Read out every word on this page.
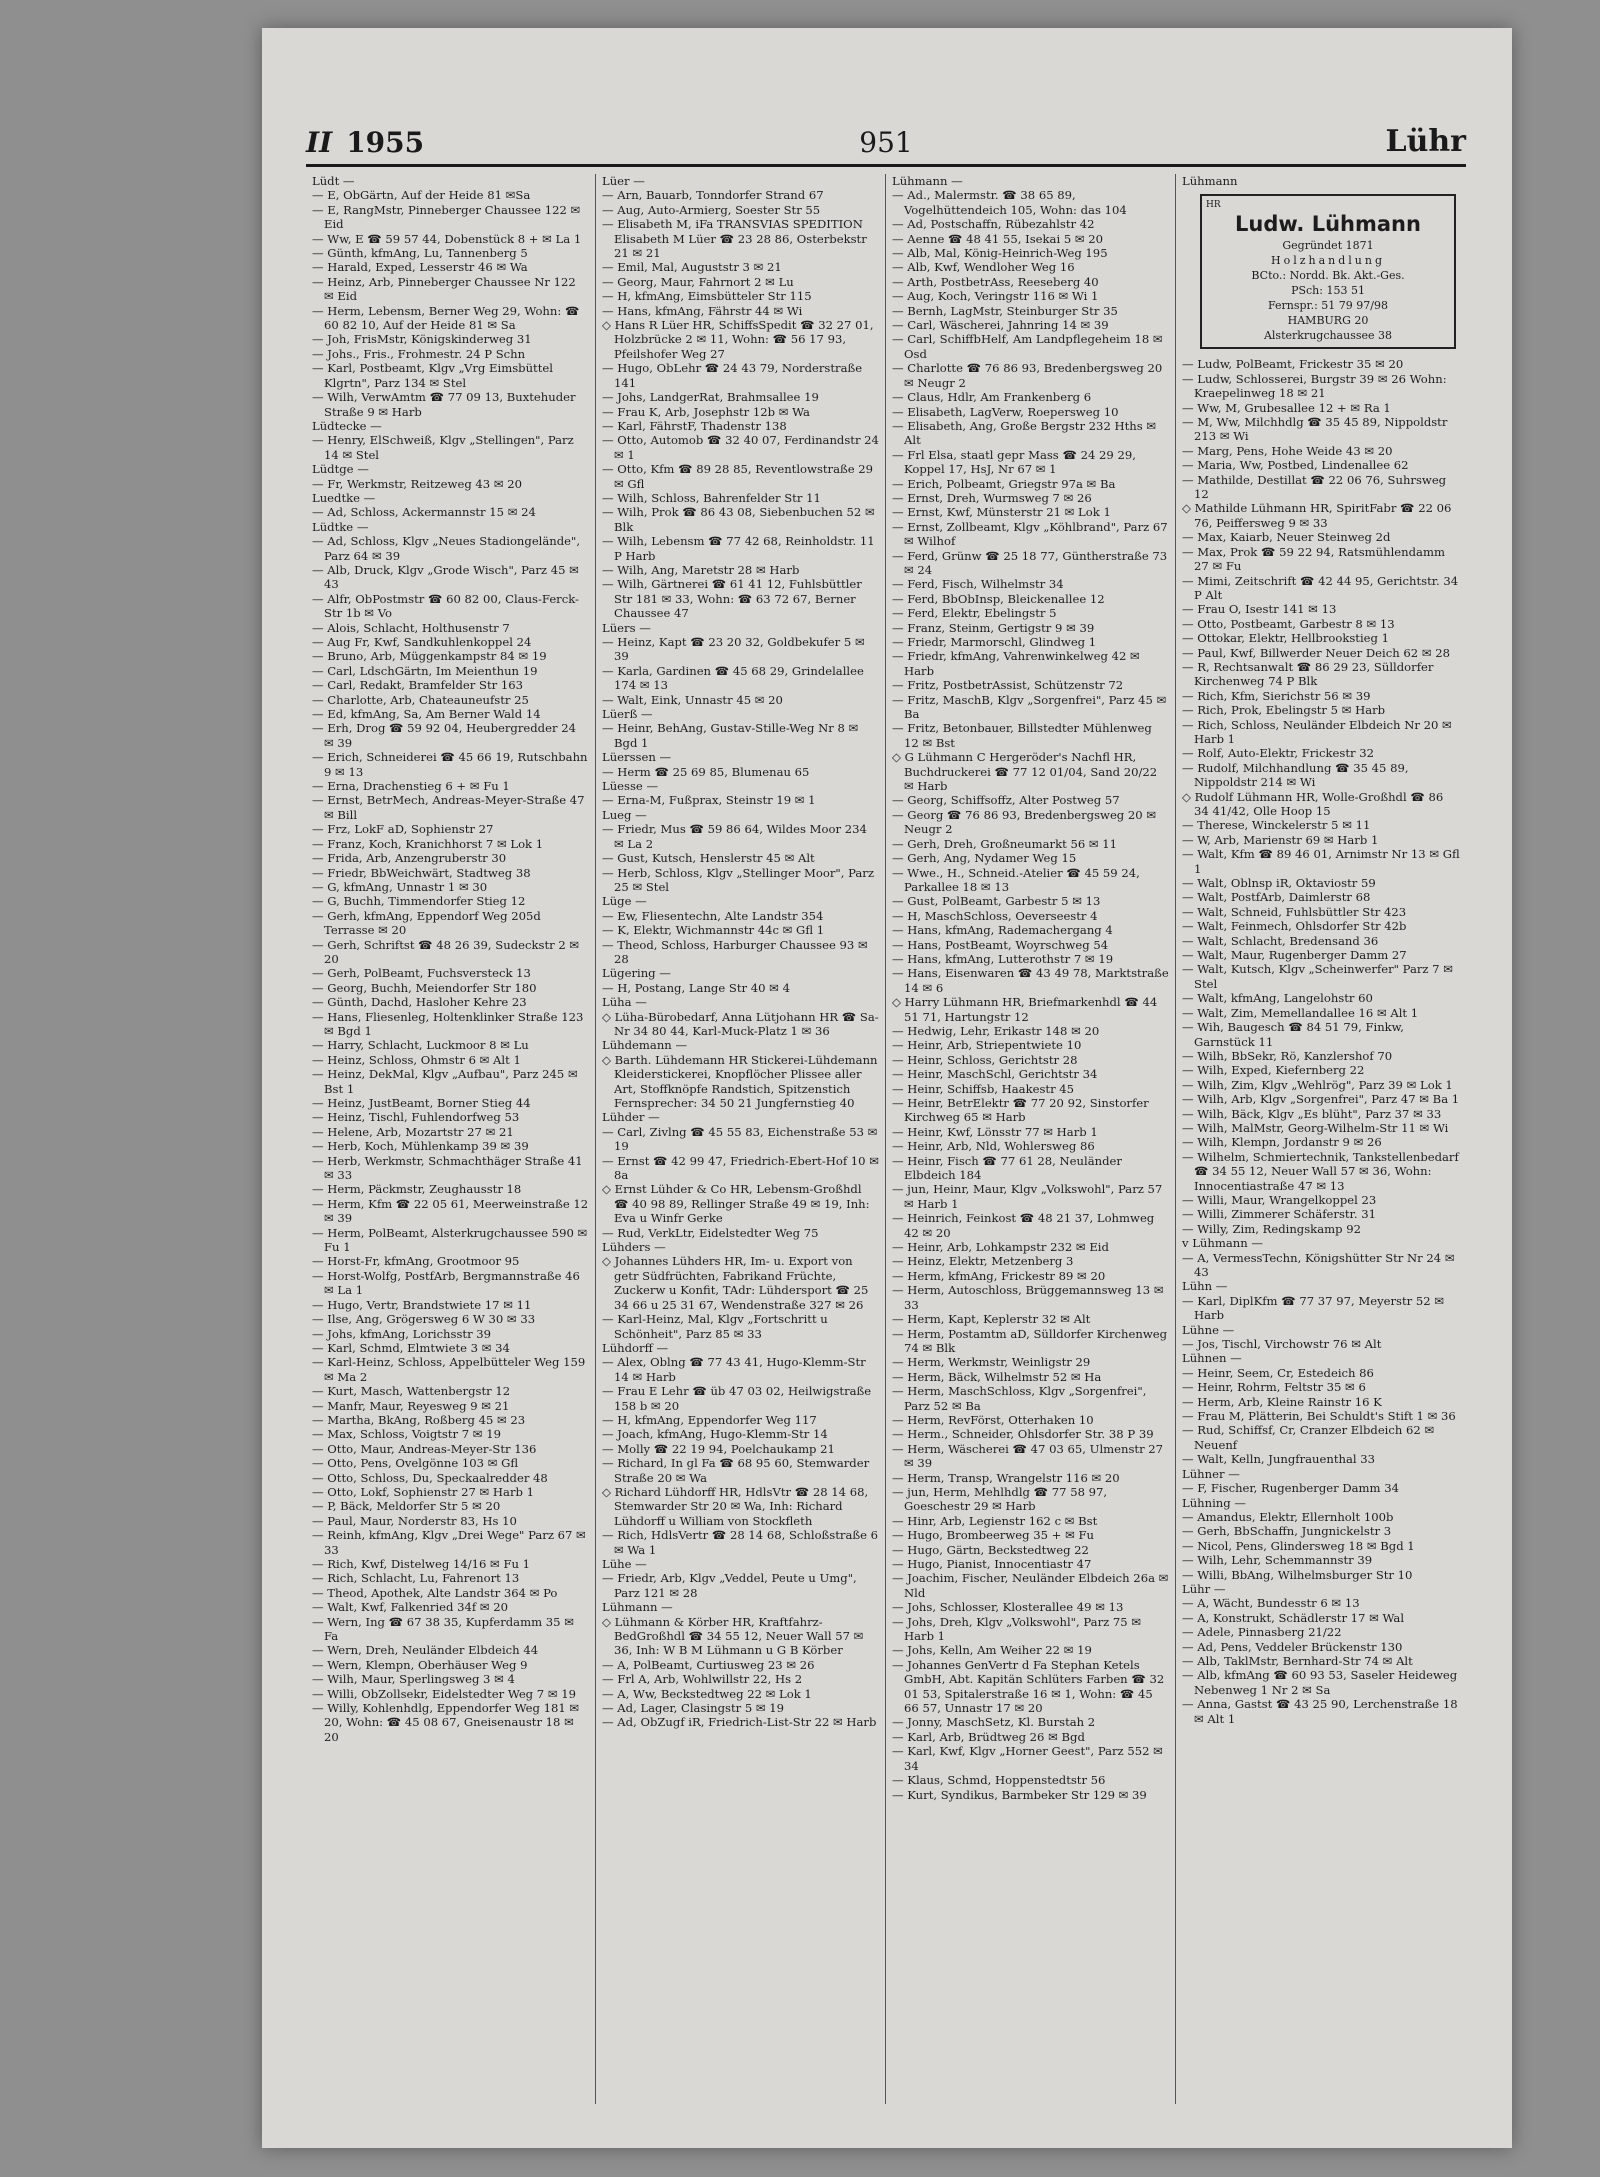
II 1955	951	Lühr
Lüdt —
— E, ObGärtn, Auf der Heide 81 ✉Sa
— E, RangMstr, Pinneberger Chaussee 122 ✉ Eid
— Ww, E ☎ 59 57 44, Dobenstück 8 + ✉ La 1
— Günth, kfmAng, Lu, Tannenberg 5
— Harald, Exped, Lesserstr 46 ✉ Wa
— Heinz, Arb, Pinneberger Chaussee Nr 122 ✉ Eid
— Herm, Lebensm, Berner Weg 29, Wohn: ☎ 60 82 10, Auf der Heide 81 ✉ Sa
— Joh, FrisMstr, Königskinderweg 31
— Johs., Fris., Frohmestr. 24 P Schn
— Karl, Postbeamt, Klgv „Vrg Eimsbüttel Klgrtn", Parz 134 ✉ Stel
— Wilh, VerwAmtm ☎ 77 09 13, Buxtehuder Straße 9 ✉ Harb
Lüdtecke —
— Henry, ElSchweiß, Klgv „Stellingen", Parz 14 ✉ Stel
Lüdtge —
— Fr, Werkmstr, Reitzeweg 43 ✉ 20
Luedtke —
— Ad, Schloss, Ackermannstr 15 ✉ 24
Lüdtke —
— Ad, Schloss, Klgv „Neues Stadiongelände", Parz 64 ✉ 39
— Alb, Druck, Klgv „Grode Wisch", Parz 45 ✉ 43
— Alfr, ObPostmstr ☎ 60 82 00, Claus-Ferck-Str 1b ✉ Vo
— Alois, Schlacht, Holthusenstr 7
— Aug Fr, Kwf, Sandkuhlenkoppel 24
— Bruno, Arb, Müggenkampstr 84 ✉ 19
— Carl, LdschGärtn, Im Meienthun 19
— Carl, Redakt, Bramfelder Str 163
— Charlotte, Arb, Chateauneufstr 25
— Ed, kfmAng, Sa, Am Berner Wald 14
— Erh, Drog ☎ 59 92 04, Heubergredder 24 ✉ 39
— Erich, Schneiderei ☎ 45 66 19, Rutschbahn 9 ✉ 13
— Erna, Drachenstieg 6 + ✉ Fu 1
— Ernst, BetrMech, Andreas-Meyer-Straße 47 ✉ Bill
— Frz, LokF aD, Sophienstr 27
— Franz, Koch, Kranichhorst 7 ✉ Lok 1
— Frida, Arb, Anzengruberstr 30
— Friedr, BbWeichwärt, Stadtweg 38
— G, kfmAng, Unnastr 1 ✉ 30
— G, Buchh, Timmendorfer Stieg 12
— Gerh, kfmAng, Eppendorf Weg 205d Terrasse ✉ 20
— Gerh, Schriftst ☎ 48 26 39, Sudeckstr 2 ✉ 20
— Gerh, PolBeamt, Fuchsversteck 13
— Georg, Buchh, Meiendorfer Str 180
— Günth, Dachd, Hasloher Kehre 23
— Hans, Fliesenleg, Holtenklinker Straße 123 ✉ Bgd 1
— Harry, Schlacht, Luckmoor 8 ✉ Lu
— Heinz, Schloss, Ohmstr 6 ✉ Alt 1
— Heinz, DekMal, Klgv „Aufbau", Parz 245 ✉ Bst 1
— Heinz, JustBeamt, Borner Stieg 44
— Heinz, Tischl, Fuhlendorfweg 53
— Helene, Arb, Mozartstr 27 ✉ 21
— Herb, Koch, Mühlenkamp 39 ✉ 39
— Herb, Werkmstr, Schmachthäger Straße 41 ✉ 33
— Herm, Päckmstr, Zeughausstr 18
— Herm, Kfm ☎ 22 05 61, Meerweinstraße 12 ✉ 39
— Herm, PolBeamt, Alsterkrugchaussee 590 ✉ Fu 1
— Horst-Fr, kfmAng, Grootmoor 95
— Horst-Wolfg, PostfArb, Bergmannstraße 46 ✉ La 1
— Hugo, Vertr, Brandstwiete 17 ✉ 11
— Ilse, Ang, Grögersweg 6 W 30 ✉ 33
— Johs, kfmAng, Lorichsstr 39
— Karl, Schmd, Elmtwiete 3 ✉ 34
— Karl-Heinz, Schloss, Appelbütteler Weg 159 ✉ Ma 2
— Kurt, Masch, Wattenbergstr 12
— Manfr, Maur, Reyesweg 9 ✉ 21
— Martha, BkAng, Roßberg 45 ✉ 23
— Max, Schloss, Voigtstr 7 ✉ 19
— Otto, Maur, Andreas-Meyer-Str 136
— Otto, Pens, Ovelgönne 103 ✉ Gfl
— Otto, Schloss, Du, Speckaalredder 48
— Otto, Lokf, Sophienstr 27 ✉ Harb 1
— P, Bäck, Meldorfer Str 5 ✉ 20
— Paul, Maur, Norderstr 83, Hs 10
— Reinh, kfmAng, Klgv „Drei Wege" Parz 67 ✉ 33
— Rich, Kwf, Distelweg 14/16 ✉ Fu 1
— Rich, Schlacht, Lu, Fahrenort 13
— Theod, Apothek, Alte Landstr 364 ✉ Po
— Walt, Kwf, Falkenried 34f ✉ 20
— Wern, Ing ☎ 67 38 35, Kupferdamm 35 ✉ Fa
— Wern, Dreh, Neuländer Elbdeich 44
— Wern, Klempn, Oberhäuser Weg 9
— Wilh, Maur, Sperlingsweg 3 ✉ 4
— Willi, ObZollsekr, Eidelstedter Weg 7 ✉ 19
— Willy, Kohlenhdlg, Eppendorfer Weg 181 ✉ 20, Wohn: ☎ 45 08 67, Gneisenaustr 18 ✉ 20
Lüer —
— Arn, Bauarb, Tonndorfer Strand 67
— Aug, Auto-Armierg, Soester Str 55
— Elisabeth M, iFa TRANSVIAS SPEDITION Elisabeth M Lüer ☎ 23 28 86, Osterbekstr 21 ✉ 21
— Emil, Mal, Auguststr 3 ✉ 21
— Georg, Maur, Fahrnort 2 ✉ Lu
— H, kfmAng, Eimsbütteler Str 115
— Hans, kfmAng, Fährstr 44 ✉ Wi
◇ Hans R Lüer HR, SchiffsSpedit ☎ 32 27 01, Holzbrücke 2 ✉ 11, Wohn: ☎ 56 17 93, Pfeilshofer Weg 27
— Hugo, ObLehr ☎ 24 43 79, Norderstraße 141
— Johs, LandgerRat, Brahmsallee 19
— Frau K, Arb, Josephstr 12b ✉ Wa
— Karl, FährstF, Thadenstr 138
— Otto, Automob ☎ 32 40 07, Ferdinandstr 24 ✉ 1
— Otto, Kfm ☎ 89 28 85, Reventlowstraße 29 ✉ Gfl
— Wilh, Schloss, Bahrenfelder Str 11
— Wilh, Prok ☎ 86 43 08, Siebenbuchen 52 ✉ Blk
— Wilh, Lebensm ☎ 77 42 68, Reinholdstr. 11 P Harb
— Wilh, Ang, Maretstr 28 ✉ Harb
— Wilh, Gärtnerei ☎ 61 41 12, Fuhlsbüttler Str 181 ✉ 33, Wohn: ☎ 63 72 67, Berner Chaussee 47
Lüers —
— Heinz, Kapt ☎ 23 20 32, Goldbekufer 5 ✉ 39
— Karla, Gardinen ☎ 45 68 29, Grindelallee 174 ✉ 13
— Walt, Eink, Unnastr 45 ✉ 20
Lüerß —
— Heinr, BehAng, Gustav-Stille-Weg Nr 8 ✉ Bgd 1
Lüerssen —
— Herm ☎ 25 69 85, Blumenau 65
Lüesse —
— Erna-M, Fußprax, Steinstr 19 ✉ 1
Lueg —
— Friedr, Mus ☎ 59 86 64, Wildes Moor 234 ✉ La 2
— Gust, Kutsch, Henslerstr 45 ✉ Alt
— Herb, Schloss, Klgv „Stellinger Moor", Parz 25 ✉ Stel
Lüge —
— Ew, Fliesentechn, Alte Landstr 354
— K, Elektr, Wichmannstr 44c ✉ Gfl 1
— Theod, Schloss, Harburger Chaussee 93 ✉ 28
Lügering —
— H, Postang, Lange Str 40 ✉ 4
Lüha —
◇ Lüha-Bürobedarf, Anna Lütjohann HR ☎ Sa-Nr 34 80 44, Karl-Muck-Platz 1 ✉ 36
Lühdemann —
◇ Barth. Lühdemann HR Stickerei-Lühdemann Kleiderstickerei, Knopflöcher Plissee aller Art, Stoffknöpfe Randstich, Spitzenstich Fernsprecher: 34 50 21 Jungfernstieg 40
Lühder —
— Carl, Zivlng ☎ 45 55 83, Eichenstraße 53 ✉ 19
— Ernst ☎ 42 99 47, Friedrich-Ebert-Hof 10 ✉ 8a
◇ Ernst Lühder & Co HR, Lebensm-Großhdl ☎ 40 98 89, Rellinger Straße 49 ✉ 19, Inh: Eva u Winfr Gerke
— Rud, VerkLtr, Eidelstedter Weg 75
Lühders —
◇ Johannes Lühders HR, Im- u. Export von getr Südfrüchten, Fabrikand Früchte, Zuckerw u Konfit, TAdr: Lühdersport ☎ 25 34 66 u 25 31 67, Wendenstraße 327 ✉ 26
— Karl-Heinz, Mal, Klgv „Fortschritt u Schönheit", Parz 85 ✉ 33
Lühdorff —
— Alex, Oblng ☎ 77 43 41, Hugo-Klemm-Str 14 ✉ Harb
— Frau E Lehr ☎ üb 47 03 02, Heilwigstraße 158 b ✉ 20
— H, kfmAng, Eppendorfer Weg 117
— Joach, kfmAng, Hugo-Klemm-Str 14
— Molly ☎ 22 19 94, Poelchaukamp 21
— Richard, In gl Fa ☎ 68 95 60, Stemwarder Straße 20 ✉ Wa
◇ Richard Lühdorff HR, HdlsVtr ☎ 28 14 68, Stemwarder Str 20 ✉ Wa, Inh: Richard Lühdorff u William von Stockfleth
— Rich, HdlsVertr ☎ 28 14 68, Schloßstraße 6 ✉ Wa 1
Lühe —
— Friedr, Arb, Klgv „Veddel, Peute u Umg", Parz 121 ✉ 28
Lühmann —
◇ Lühmann & Körber HR, Kraftfahrz-BedGroßhdl ☎ 34 55 12, Neuer Wall 57 ✉ 36, Inh: W B M Lühmann u G B Körber
— A, PolBeamt, Curtiusweg 23 ✉ 26
— Frl A, Arb, Wohlwillstr 22, Hs 2
— A, Ww, Beckstedtweg 22 ✉ Lok 1
— Ad, Lager, Clasingstr 5 ✉ 19
— Ad, ObZugf iR, Friedrich-List-Str 22 ✉ Harb
Lühmann —
— Ad., Malermstr. ☎ 38 65 89, Vogelhüttendeich 105, Wohn: das 104
— Ad, Postschaffn, Rübezahlstr 42
— Aenne ☎ 48 41 55, Isekai 5 ✉ 20
— Alb, Mal, König-Heinrich-Weg 195
— Alb, Kwf, Wendloher Weg 16
— Arth, PostbetrAss, Reeseberg 40
— Aug, Koch, Veringstr 116 ✉ Wi 1
— Bernh, LagMstr, Steinburger Str 35
— Carl, Wäscherei, Jahnring 14 ✉ 39
— Carl, SchiffbHelf, Am Landpflegeheim 18 ✉ Osd
— Charlotte ☎ 76 86 93, Bredenbergsweg 20 ✉ Neugr 2
— Claus, Hdlr, Am Frankenberg 6
— Elisabeth, LagVerw, Roepersweg 10
— Elisabeth, Ang, Große Bergstr 232 Hths ✉ Alt
— Frl Elsa, staatl gepr Mass ☎ 24 29 29, Koppel 17, HsJ, Nr 67 ✉ 1
— Erich, Polbeamt, Griegstr 97a ✉ Ba
— Ernst, Dreh, Wurmsweg 7 ✉ 26
— Ernst, Kwf, Münsterstr 21 ✉ Lok 1
— Ernst, Zollbeamt, Klgv „Köhlbrand", Parz 67 ✉ Wilhof
— Ferd, Grünw ☎ 25 18 77, Güntherstraße 73 ✉ 24
— Ferd, Fisch, Wilhelmstr 34
— Ferd, BbObInsp, Bleickenallee 12
— Ferd, Elektr, Ebelingstr 5
— Franz, Steinm, Gertigstr 9 ✉ 39
— Friedr, Marmorschl, Glindweg 1
— Friedr, kfmAng, Vahrenwinkelweg 42 ✉ Harb
— Fritz, PostbetrAssist, Schützenstr 72
— Fritz, MaschB, Klgv „Sorgenfrei", Parz 45 ✉ Ba
— Fritz, Betonbauer, Billstedter Mühlenweg 12 ✉ Bst
◇ G Lühmann C Hergeröder's Nachfl HR, Buchdruckerei ☎ 77 12 01/04, Sand 20/22 ✉ Harb
— Georg, Schiffsoffz, Alter Postweg 57
— Georg ☎ 76 86 93, Bredenbergsweg 20 ✉ Neugr 2
— Gerh, Dreh, Großneumarkt 56 ✉ 11
— Gerh, Ang, Nydamer Weg 15
— Wwe., H., Schneid.-Atelier ☎ 45 59 24, Parkallee 18 ✉ 13
— Gust, PolBeamt, Garbestr 5 ✉ 13
— H, MaschSchloss, Oeverseestr 4
— Hans, kfmAng, Rademachergang 4
— Hans, PostBeamt, Woyrschweg 54
— Hans, kfmAng, Lutterothstr 7 ✉ 19
— Hans, Eisenwaren ☎ 43 49 78, Marktstraße 14 ✉ 6
◇ Harry Lühmann HR, Briefmarkenhdl ☎ 44 51 71, Hartungstr 12
— Hedwig, Lehr, Erikastr 148 ✉ 20
— Heinr, Arb, Striepentwiete 10
— Heinr, Schloss, Gerichtstr 28
— Heinr, MaschSchl, Gerichtstr 34
— Heinr, Schiffsb, Haakestr 45
— Heinr, BetrElektr ☎ 77 20 92, Sinstorfer Kirchweg 65 ✉ Harb
— Heinr, Kwf, Lönsstr 77 ✉ Harb 1
— Heinr, Arb, Nld, Wohlersweg 86
— Heinr, Fisch ☎ 77 61 28, Neuländer Elbdeich 184
— jun, Heinr, Maur, Klgv „Volkswohl", Parz 57 ✉ Harb 1
— Heinrich, Feinkost ☎ 48 21 37, Lohmweg 42 ✉ 20
— Heinr, Arb, Lohkampstr 232 ✉ Eid
— Heinz, Elektr, Metzenberg 3
— Herm, kfmAng, Frickestr 89 ✉ 20
— Herm, Autoschloss, Brüggemannsweg 13 ✉ 33
— Herm, Kapt, Keplerstr 32 ✉ Alt
— Herm, Postamtm aD, Sülldorfer Kirchenweg 74 ✉ Blk
— Herm, Werkmstr, Weinligstr 29
— Herm, Bäck, Wilhelmstr 52 ✉ Ha
— Herm, MaschSchloss, Klgv „Sorgenfrei", Parz 52 ✉ Ba
— Herm, RevFörst, Otterhaken 10
— Herm., Schneider, Ohlsdorfer Str. 38 P 39
— Herm, Wäscherei ☎ 47 03 65, Ulmenstr 27 ✉ 39
— Herm, Transp, Wrangelstr 116 ✉ 20
— jun, Herm, Mehlhdlg ☎ 77 58 97, Goeschestr 29 ✉ Harb
— Hinr, Arb, Legienstr 162 c ✉ Bst
— Hugo, Brombeerweg 35 + ✉ Fu
— Hugo, Gärtn, Beckstedtweg 22
— Hugo, Pianist, Innocentiastr 47
— Joachim, Fischer, Neuländer Elbdeich 26a ✉ Nld
— Johs, Schlosser, Klosterallee 49 ✉ 13
— Johs, Dreh, Klgv „Volkswohl", Parz 75 ✉ Harb 1
— Johs, Kelln, Am Weiher 22 ✉ 19
— Johannes GenVertr d Fa Stephan Ketels GmbH, Abt. Kapitän Schlüters Farben ☎ 32 01 53, Spitalerstraße 16 ✉ 1, Wohn: ☎ 45 66 57, Unnastr 17 ✉ 20
— Jonny, MaschSetz, Kl. Burstah 2
— Karl, Arb, Brüdtweg 26 ✉ Bgd
— Karl, Kwf, Klgv „Horner Geest", Parz 552 ✉ 34
— Klaus, Schmd, Hoppenstedtstr 56
— Kurt, Syndikus, Barmbeker Str 129 ✉ 39
Lühmann
HR
Ludw. Lühmann
Gegründet 1871
Holzhandlung
BCto.: Nordd. Bk. Akt.-Ges.
PSch: 153 51
Fernspr.: 51 79 97/98
HAMBURG 20
Alsterkrugchaussee 38
— Ludw, PolBeamt, Frickestr 35 ✉ 20
— Ludw, Schlosserei, Burgstr 39 ✉ 26 Wohn: Kraepelinweg 18 ✉ 21
— Ww, M, Grubesallee 12 + ✉ Ra 1
— M, Ww, Milchhdlg ☎ 35 45 89, Nippoldstr 213 ✉ Wi
— Marg, Pens, Hohe Weide 43 ✉ 20
— Maria, Ww, Postbed, Lindenallee 62
— Mathilde, Destillat ☎ 22 06 76, Suhrsweg 12
◇ Mathilde Lühmann HR, SpiritFabr ☎ 22 06 76, Peiffersweg 9 ✉ 33
— Max, Kaiarb, Neuer Steinweg 2d
— Max, Prok ☎ 59 22 94, Ratsmühlendamm 27 ✉ Fu
— Mimi, Zeitschrift ☎ 42 44 95, Gerichtstr. 34 P Alt
— Frau O, Isestr 141 ✉ 13
— Otto, Postbeamt, Garbestr 8 ✉ 13
— Ottokar, Elektr, Hellbrookstieg 1
— Paul, Kwf, Billwerder Neuer Deich 62 ✉ 28
— R, Rechtsanwalt ☎ 86 29 23, Sülldorfer Kirchenweg 74 P Blk
— Rich, Kfm, Sierichstr 56 ✉ 39
— Rich, Prok, Ebelingstr 5 ✉ Harb
— Rich, Schloss, Neuländer Elbdeich Nr 20 ✉ Harb 1
— Rolf, Auto-Elektr, Frickestr 32
— Rudolf, Milchhandlung ☎ 35 45 89, Nippoldstr 214 ✉ Wi
◇ Rudolf Lühmann HR, Wolle-Großhdl ☎ 86 34 41/42, Olle Hoop 15
— Therese, Winckelerstr 5 ✉ 11
— W, Arb, Marienstr 69 ✉ Harb 1
— Walt, Kfm ☎ 89 46 01, Arnimstr Nr 13 ✉ Gfl 1
— Walt, Oblnsp iR, Oktaviostr 59
— Walt, PostfArb, Daimlerstr 68
— Walt, Schneid, Fuhlsbüttler Str 423
— Walt, Feinmech, Ohlsdorfer Str 42b
— Walt, Schlacht, Bredensand 36
— Walt, Maur, Rugenberger Damm 27
— Walt, Kutsch, Klgv „Scheinwerfer" Parz 7 ✉ Stel
— Walt, kfmAng, Langelohstr 60
— Walt, Zim, Memellandallee 16 ✉ Alt 1
— Wih, Baugesch ☎ 84 51 79, Finkw, Garnstück 11
— Wilh, BbSekr, Rö, Kanzlershof 70
— Wilh, Exped, Kiefernberg 22
— Wilh, Zim, Klgv „Wehlrög", Parz 39 ✉ Lok 1
— Wilh, Arb, Klgv „Sorgenfrei", Parz 47 ✉ Ba 1
— Wilh, Bäck, Klgv „Es blüht", Parz 37 ✉ 33
— Wilh, MalMstr, Georg-Wilhelm-Str 11 ✉ Wi
— Wilh, Klempn, Jordanstr 9 ✉ 26
— Wilhelm, Schmiertechnik, Tankstellenbedarf ☎ 34 55 12, Neuer Wall 57 ✉ 36, Wohn: Innocentiastraße 47 ✉ 13
— Willi, Maur, Wrangelkoppel 23
— Willi, Zimmerer Schäferstr. 31
— Willy, Zim, Redingskamp 92
v Lühmann —
— A, VermessTechn, Königshütter Str Nr 24 ✉ 43
Lühn —
— Karl, DiplKfm ☎ 77 37 97, Meyerstr 52 ✉ Harb
Lühne —
— Jos, Tischl, Virchowstr 76 ✉ Alt
Lühnen —
— Heinr, Seem, Cr, Estedeich 86
— Heinr, Rohrm, Feltstr 35 ✉ 6
— Herm, Arb, Kleine Rainstr 16 K
— Frau M, Plätterin, Bei Schuldt's Stift 1 ✉ 36
— Rud, Schiffsf, Cr, Cranzer Elbdeich 62 ✉ Neuenf
— Walt, Kelln, Jungfrauenthal 33
Lühner —
— F, Fischer, Rugenberger Damm 34
Lühning —
— Amandus, Elektr, Ellernholt 100b
— Gerh, BbSchaffn, Jungnickelstr 3
— Nicol, Pens, Glindersweg 18 ✉ Bgd 1
— Wilh, Lehr, Schemmannstr 39
— Willi, BbAng, Wilhelmsburger Str 10
Lühr —
— A, Wächt, Bundesstr 6 ✉ 13
— A, Konstrukt, Schädlerstr 17 ✉ Wal
— Adele, Pinnasberg 21/22
— Ad, Pens, Veddeler Brückenstr 130
— Alb, TaklMstr, Bernhard-Str 74 ✉ Alt
— Alb, kfmAng ☎ 60 93 53, Saseler Heideweg Nebenweg 1 Nr 2 ✉ Sa
— Anna, Gastst ☎ 43 25 90, Lerchenstraße 18 ✉ Alt 1
